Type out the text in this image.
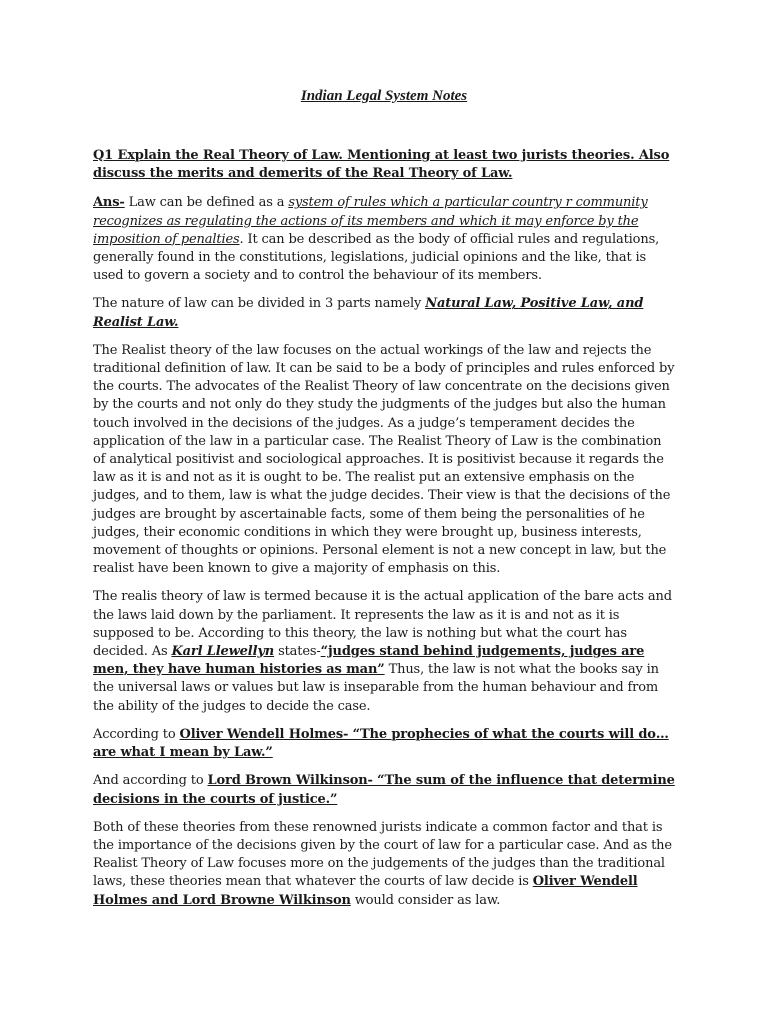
Indian Legal System Notes

Q1 Explain the Real Theory of Law. Mentioning at least two jurists theories. Also discuss the merits and demerits of the Real Theory of Law.

Ans- Law can be defined as a system of rules which a particular country r community recognizes as regulating the actions of its members and which it may enforce by the imposition of penalties. It can be described as the body of official rules and regulations, generally found in the constitutions, legislations, judicial opinions and the like, that is used to govern a society and to control the behaviour of its members.

The nature of law can be divided in 3 parts namely Natural Law, Positive Law, and Realist Law.

The Realist theory of the law focuses on the actual workings of the law and rejects the traditional definition of law. It can be said to be a body of principles and rules enforced by the courts. The advocates of the Realist Theory of law concentrate on the decisions given by the courts and not only do they study the judgments of the judges but also the human touch involved in the decisions of the judges. As a judge’s temperament decides the application of the law in a particular case. The Realist Theory of Law is the combination of analytical positivist and sociological approaches. It is positivist because it regards the law as it is and not as it is ought to be. The realist put an extensive emphasis on the judges, and to them, law is what the judge decides. Their view is that the decisions of the judges are brought by ascertainable facts, some of them being the personalities of he judges, their economic conditions in which they were brought up, business interests, movement of thoughts or opinions. Personal element is not a new concept in law, but the realist have been known to give a majority of emphasis on this.

The realis theory of law is termed because it is the actual application of the bare acts and the laws laid down by the parliament. It represents the law as it is and not as it is supposed to be. According to this theory, the law is nothing but what the court has decided. As Karl Llewellyn states-“judges stand behind judgements, judges are men, they have human histories as man” Thus, the law is not what the books say in the universal laws or values but law is inseparable from the human behaviour and from the ability of the judges to decide the case.

According to Oliver Wendell Holmes- “The prophecies of what the courts will do… are what I mean by Law.”

And according to Lord Brown Wilkinson- “The sum of the influence that determine decisions in the courts of justice.”

Both of these theories from these renowned jurists indicate a common factor and that is the importance of the decisions given by the court of law for a particular case. And as the Realist Theory of Law focuses more on the judgements of the judges than the traditional laws, these theories mean that whatever the courts of law decide is Oliver Wendell Holmes and Lord Browne Wilkinson would consider as law.
